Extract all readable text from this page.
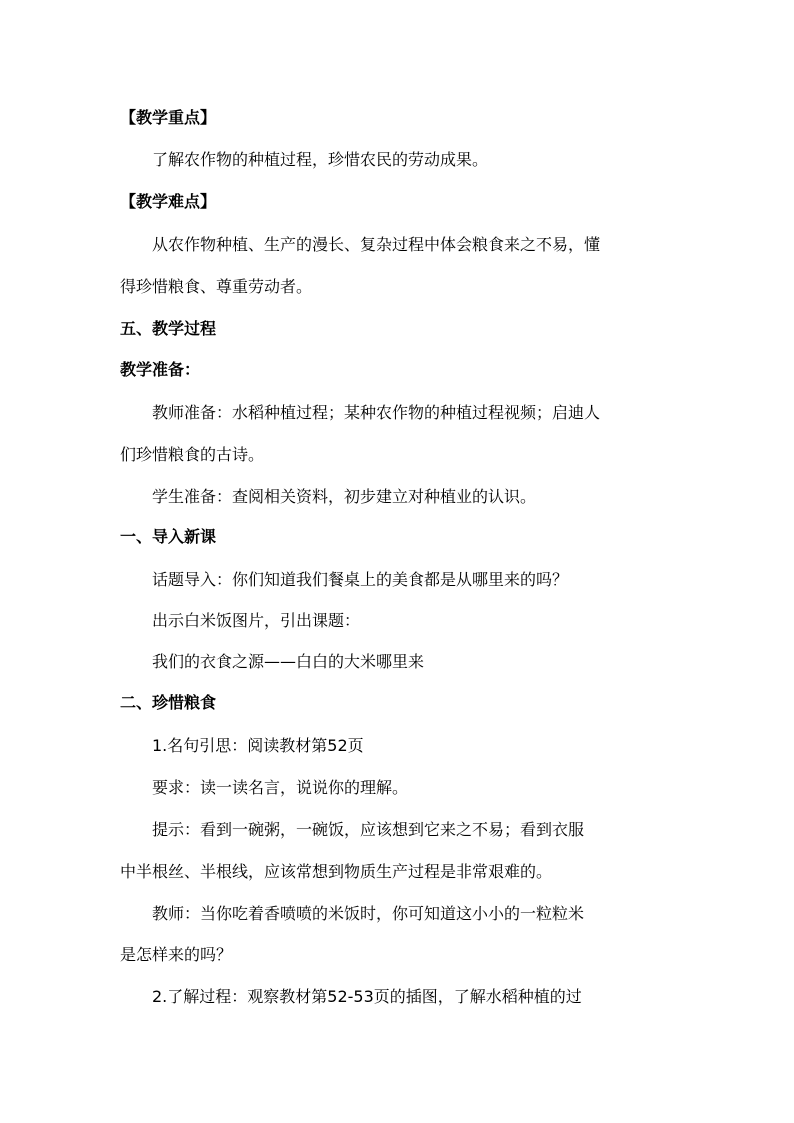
【教学重点】
了解农作物的种植过程，珍惜农民的劳动成果。
【教学难点】
从农作物种植、生产的漫长、复杂过程中体会粮食来之不易，懂
得珍惜粮食、尊重劳动者。
五、教学过程
教学准备：
教师准备：水稻种植过程；某种农作物的种植过程视频；启迪人
们珍惜粮食的古诗。
学生准备：查阅相关资料，初步建立对种植业的认识。
一、导入新课
话题导入：你们知道我们餐桌上的美食都是从哪里来的吗？
出示白米饭图片，引出课题：
我们的衣食之源——白白的大米哪里来
二、珍惜粮食
1.名句引思：阅读教材第52页
要求：读一读名言，说说你的理解。
提示：看到一碗粥，一碗饭，应该想到它来之不易；看到衣服
中半根丝、半根线，应该常想到物质生产过程是非常艰难的。
教师：当你吃着香喷喷的米饭时，你可知道这小小的一粒粒米
是怎样来的吗？
2.了解过程：观察教材第52-53页的插图，了解水稻种植的过
